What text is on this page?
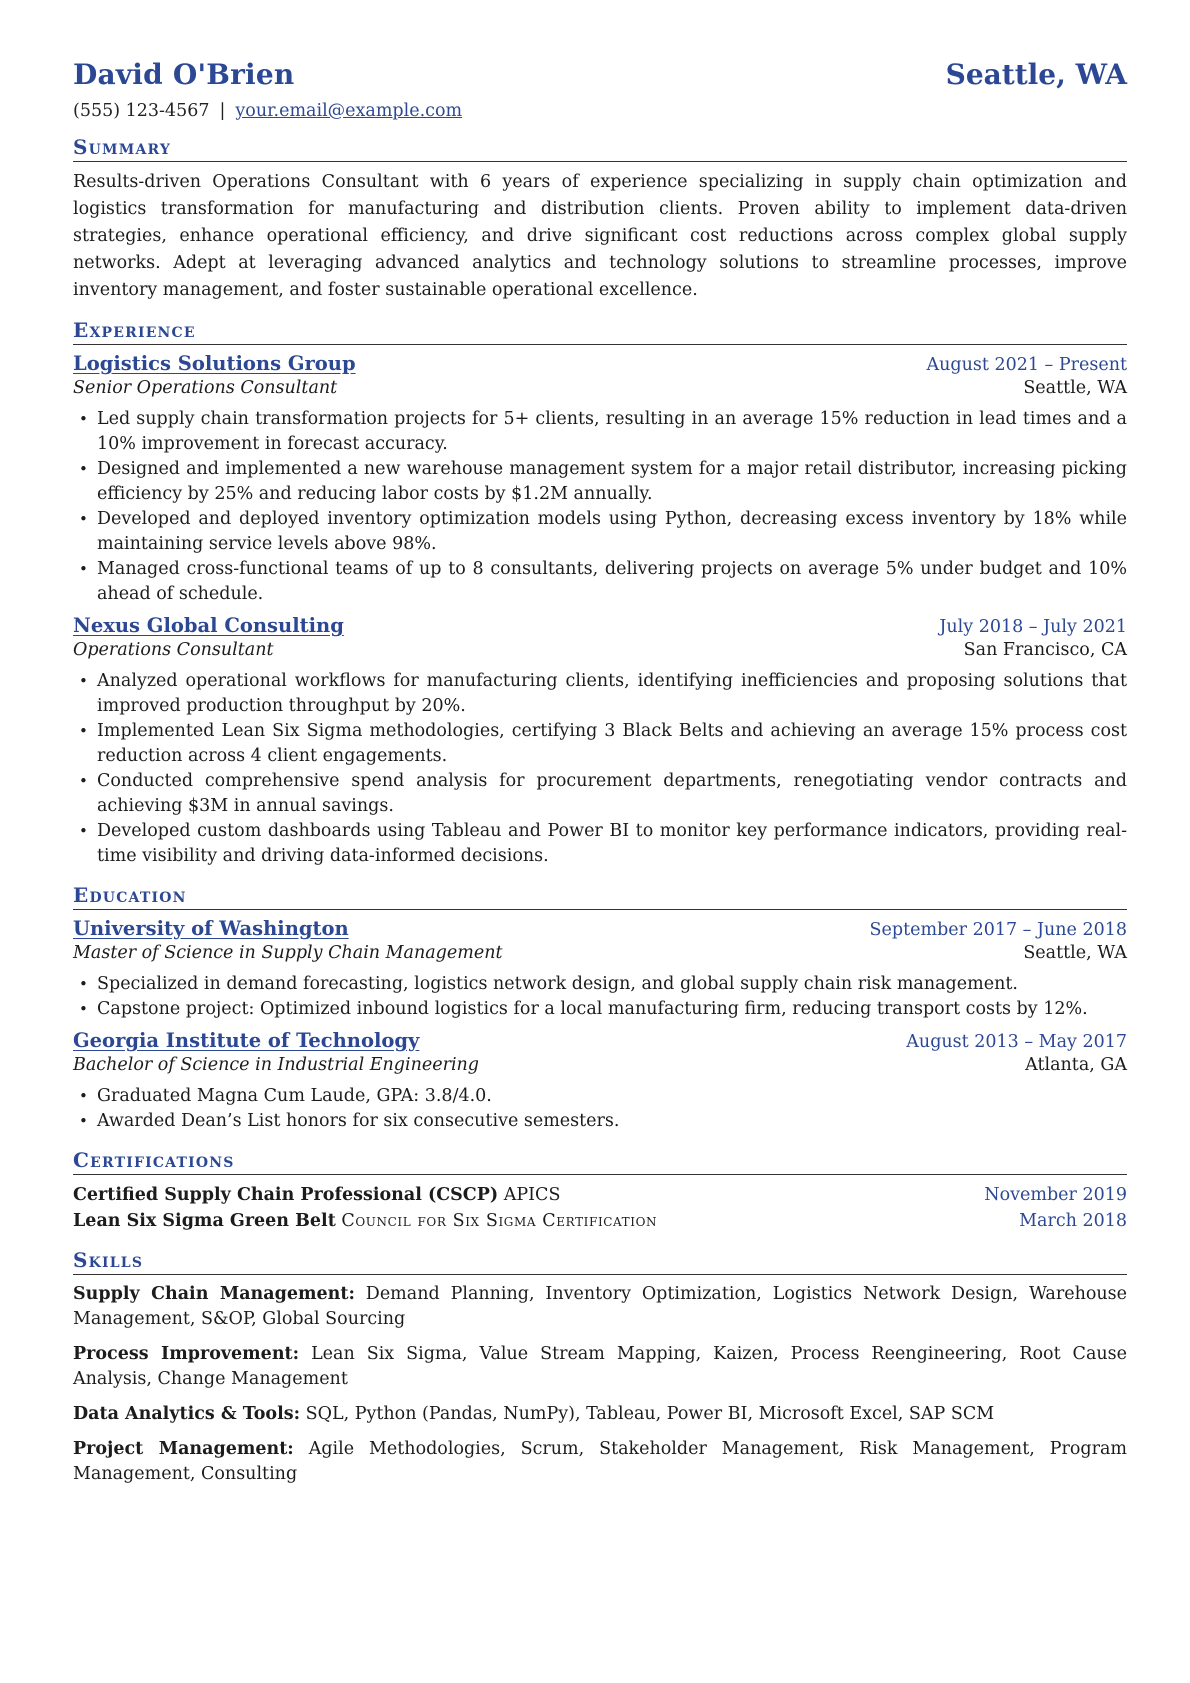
David O'Brien	Seattle, WA
(555) 123-4567 | your.email@example.com
Summary
Results-driven Operations Consultant with 6 years of experience specializing in supply chain optimization and logistics transformation for manufacturing and distribution clients. Proven ability to implement data-driven strategies, enhance operational efficiency, and drive significant cost reductions across complex global supply networks. Adept at leveraging advanced analytics and technology solutions to streamline processes, improve inventory management, and foster sustainable operational excellence.
Experience
Logistics Solutions Group	August 2021 – Present
Senior Operations Consultant	Seattle, WA
• Led supply chain transformation projects for 5+ clients, resulting in an average 15% reduction in lead times and a 10% improvement in forecast accuracy.
• Designed and implemented a new warehouse management system for a major retail distributor, increasing picking efficiency by 25% and reducing labor costs by $1.2M annually.
• Developed and deployed inventory optimization models using Python, decreasing excess inventory by 18% while maintaining service levels above 98%.
• Managed cross-functional teams of up to 8 consultants, delivering projects on average 5% under budget and 10% ahead of schedule.
Nexus Global Consulting	July 2018 – July 2021
Operations Consultant	San Francisco, CA
• Analyzed operational workflows for manufacturing clients, identifying inefficiencies and proposing solutions that improved production throughput by 20%.
• Implemented Lean Six Sigma methodologies, certifying 3 Black Belts and achieving an average 15% process cost reduction across 4 client engagements.
• Conducted comprehensive spend analysis for procurement departments, renegotiating vendor contracts and achieving $3M in annual savings.
• Developed custom dashboards using Tableau and Power BI to monitor key performance indicators, providing real-time visibility and driving data-informed decisions.
Education
University of Washington	September 2017 – June 2018
Master of Science in Supply Chain Management	Seattle, WA
• Specialized in demand forecasting, logistics network design, and global supply chain risk management.
• Capstone project: Optimized inbound logistics for a local manufacturing firm, reducing transport costs by 12%.
Georgia Institute of Technology	August 2013 – May 2017
Bachelor of Science in Industrial Engineering	Atlanta, GA
• Graduated Magna Cum Laude, GPA: 3.8/4.0.
• Awarded Dean’s List honors for six consecutive semesters.
Certifications
Certified Supply Chain Professional (CSCP) APICS	November 2019
Lean Six Sigma Green Belt Council for Six Sigma Certification	March 2018
Skills
Supply Chain Management: Demand Planning, Inventory Optimization, Logistics Network Design, Warehouse Management, S&OP, Global Sourcing
Process Improvement: Lean Six Sigma, Value Stream Mapping, Kaizen, Process Reengineering, Root Cause Analysis, Change Management
Data Analytics & Tools: SQL, Python (Pandas, NumPy), Tableau, Power BI, Microsoft Excel, SAP SCM
Project Management: Agile Methodologies, Scrum, Stakeholder Management, Risk Management, Program Management, Consulting
